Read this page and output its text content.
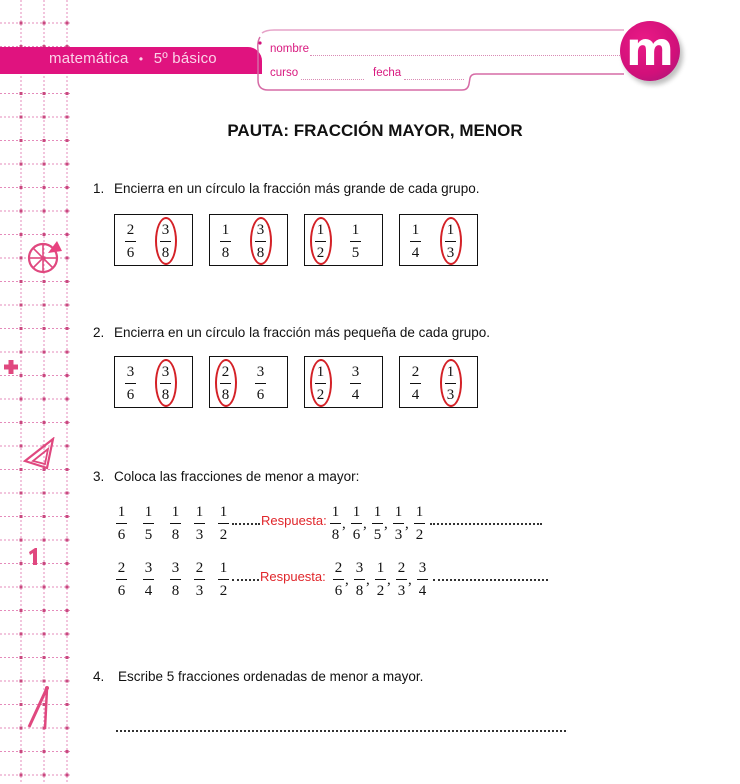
matemática • 5º básico
nombre
curso	fecha	m
PAUTA: FRACCIÓN MAYOR, MENOR
1. Encierra en un círculo la fracción más grande de cada grupo.
2
6
3
8
1
8
3
8
1
2
1
5
1
4
1
3
2. Encierra en un círculo la fracción más pequeña de cada grupo.
3
6
3
8
2
8
3
6
1
2
3
4
2
4
1
3
3. Coloca las fracciones de menor a mayor:
1
6
1
5
1
8
1
3
1
2
Respuesta:
1
8
,
1
6
,
1
5
,
1
3
,
1
2
2
6
3
4
3
8
2
3
1
2
Respuesta:
2
6
,
3
8
,
1
2
,
2
3
,
3
4
4. Escribe 5 fracciones ordenadas de menor a mayor.
